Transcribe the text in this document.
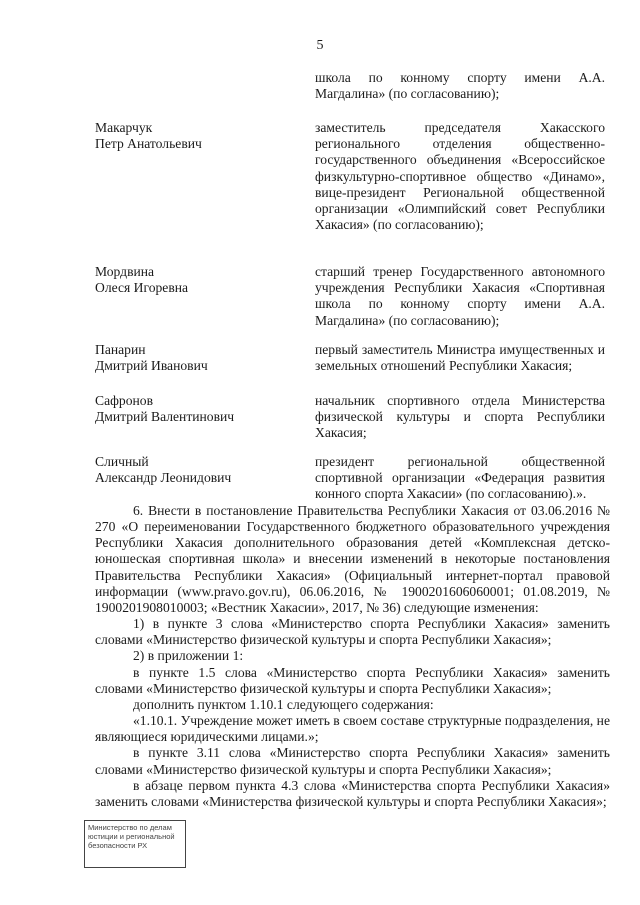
5
школа по конному спорту имени А.А. Магдалина» (по согласованию);
Макарчук
Петр Анатольевич
заместитель председателя Хакасского регионального отделения общественно-государственного объединения «Всероссийское физкультурно-спортивное общество «Динамо», вице-президент Региональной общественной организации «Олимпийский совет Республики Хакасия» (по согласованию);
Мордвина
Олеся Игоревна
старший тренер Государственного автономного учреждения Республики Хакасия «Спортивная школа по конному спорту имени А.А. Магдалина» (по согласованию);
Панарин
Дмитрий Иванович
первый заместитель Министра имущественных и земельных отношений Республики Хакасия;
Сафронов
Дмитрий Валентинович
начальник спортивного отдела Министерства физической культуры и спорта Республики Хакасия;
Сличный
Александр Леонидович
президент региональной общественной спортивной организации «Федерация развития конного спорта Хакасии» (по согласованию).».

6. Внести в постановление Правительства Республики Хакасия от 03.06.2016 № 270 «О переименовании Государственного бюджетного образовательного учреждения Республики Хакасия дополнительного образования детей «Комплексная детско-юношеская спортивная школа» и внесении изменений в некоторые постановления Правительства Республики Хакасия» (Официальный интернет-портал правовой информации (www.pravo.gov.ru), 06.06.2016, № 1900201606060001; 01.08.2019, № 1900201908010003; «Вестник Хакасии», 2017, № 36) следующие изменения:

1) в пункте 3 слова «Министерство спорта Республики Хакасия» заменить словами «Министерство физической культуры и спорта Республики Хакасия»;

2) в приложении 1:

в пункте 1.5 слова «Министерство спорта Республики Хакасия» заменить словами «Министерство физической культуры и спорта Республики Хакасия»;

дополнить пунктом 1.10.1 следующего содержания:

«1.10.1. Учреждение может иметь в своем составе структурные подразделения, не являющиеся юридическими лицами.»;

в пункте 3.11 слова «Министерство спорта Республики Хакасия» заменить словами «Министерство физической культуры и спорта Республики Хакасия»;

в абзаце первом пункта 4.3 слова «Министерства спорта Республики Хакасия» заменить словами «Министерства физической культуры и спорта Республики Хакасия»;

Министерство по делам
юстиции и региональной
безопасности РХ
